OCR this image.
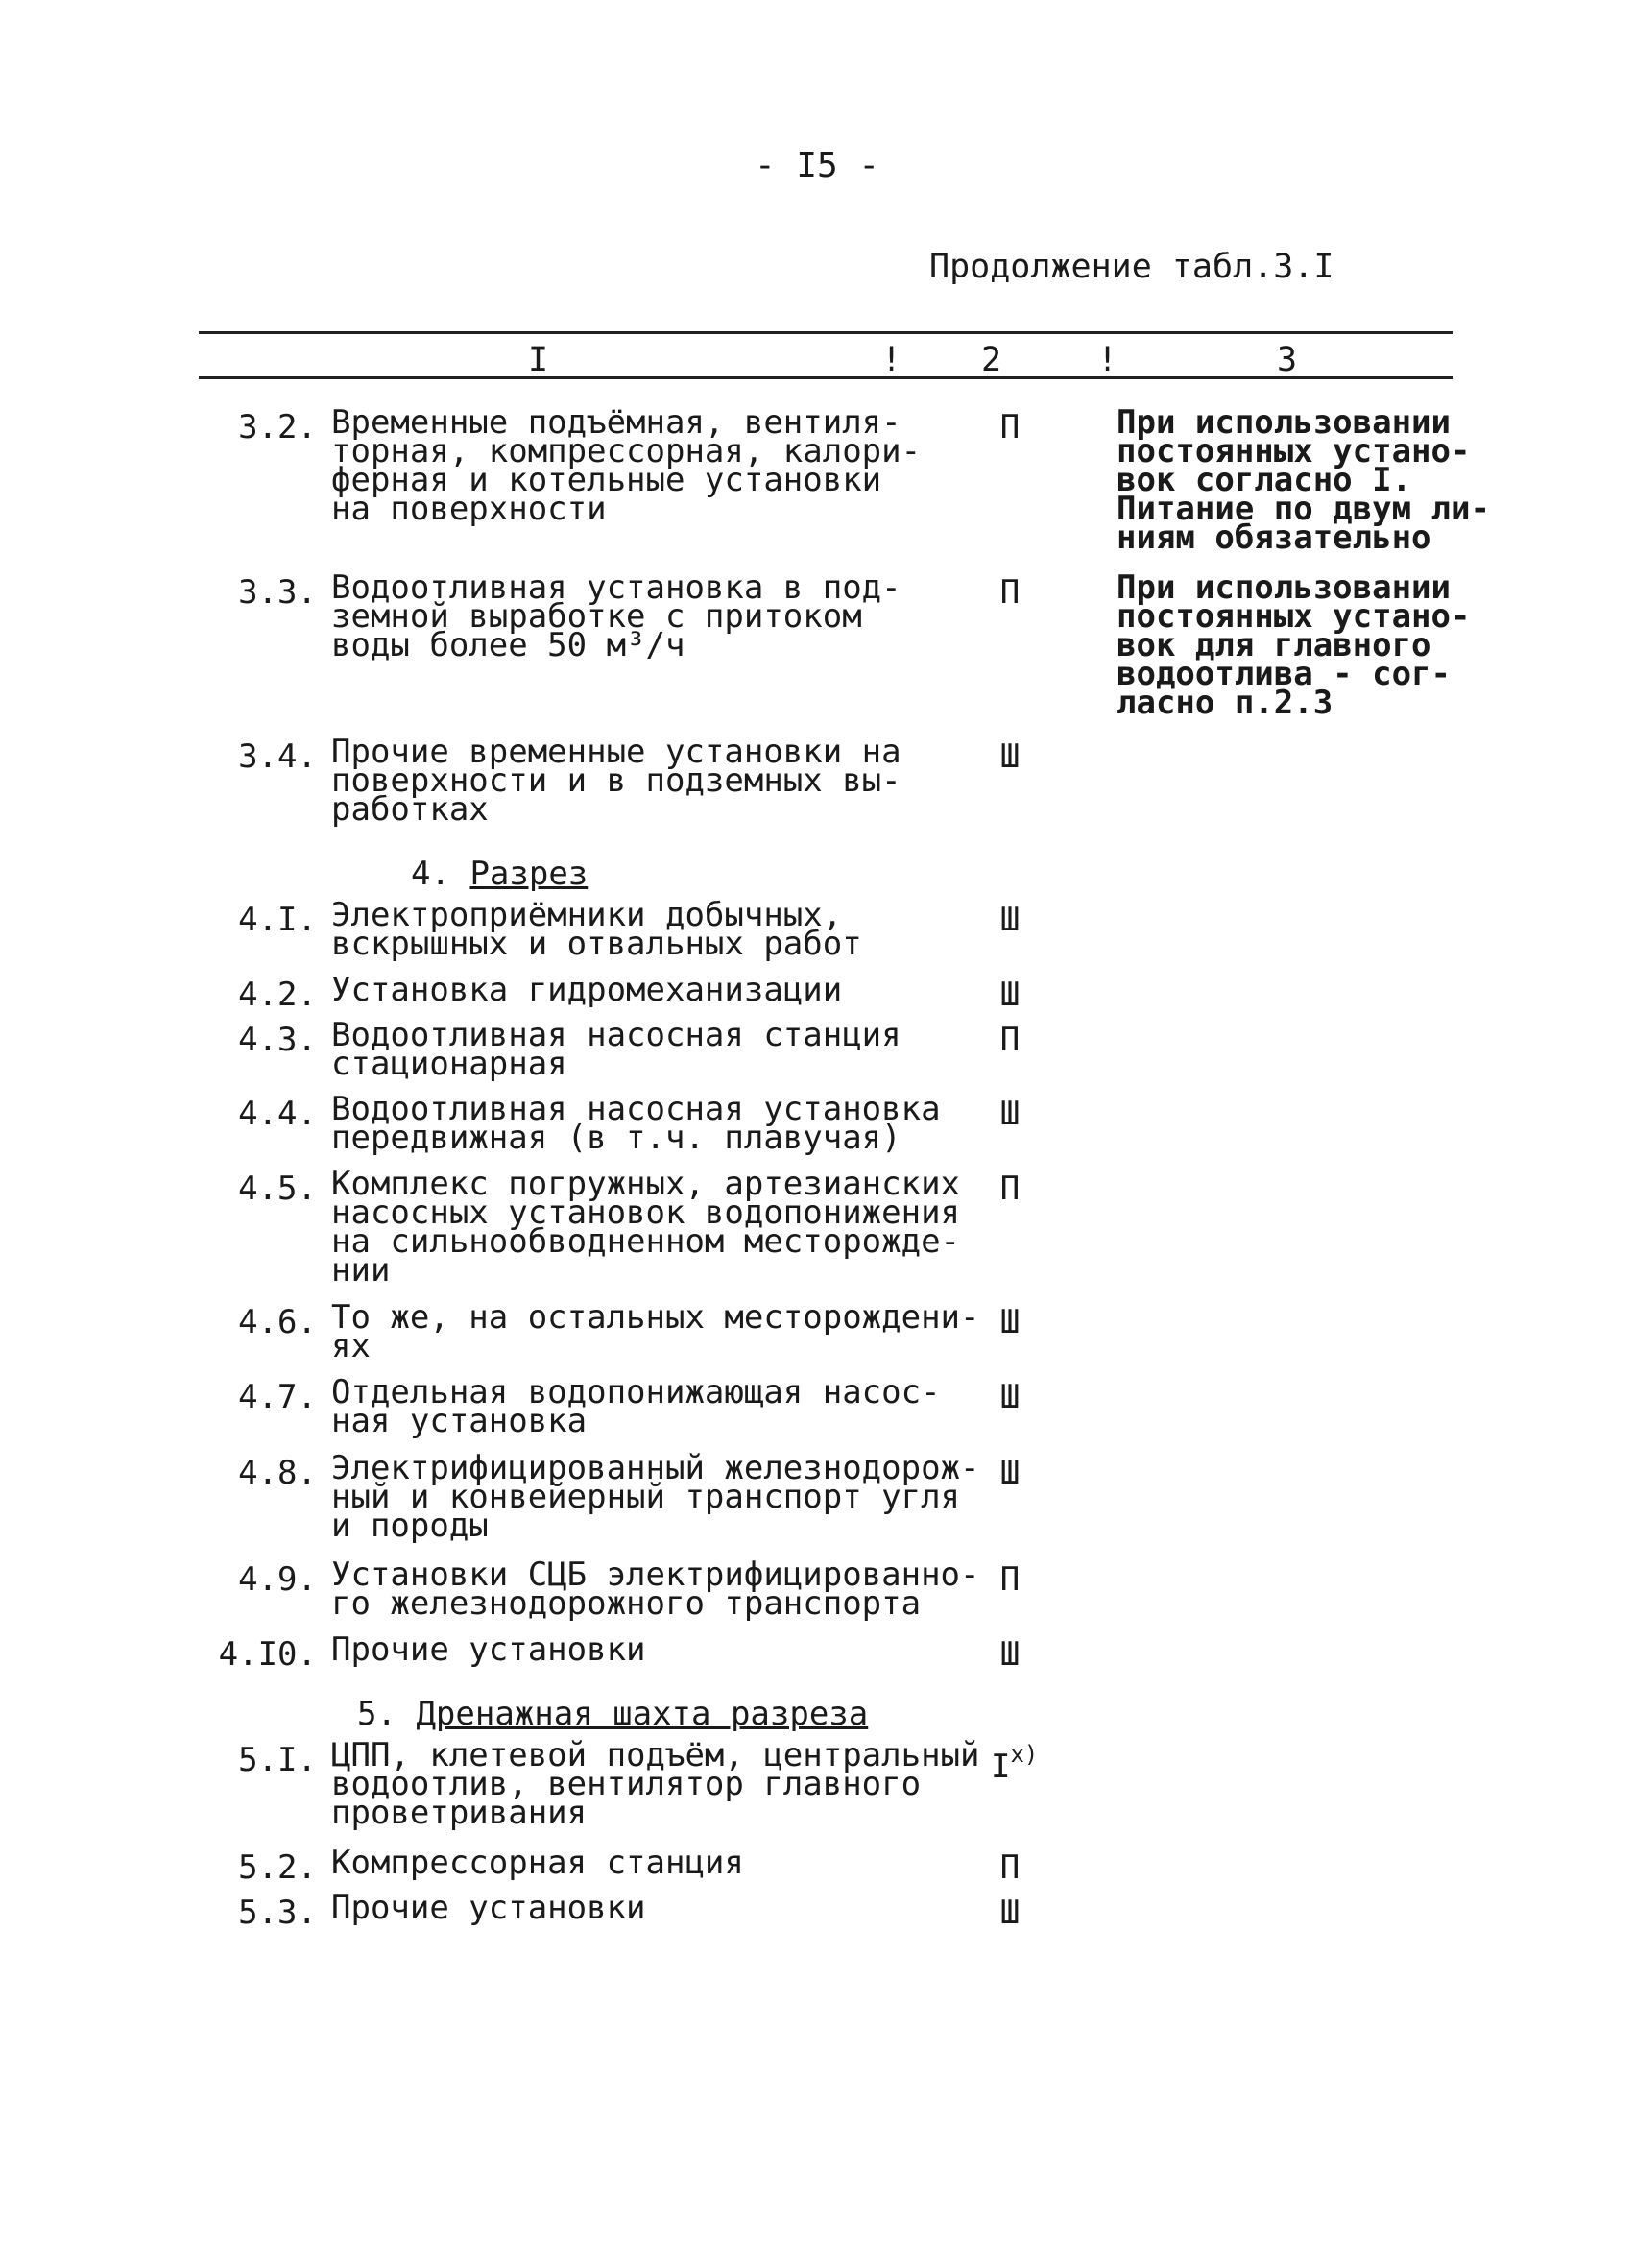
- I5 -
Продолжение табл.3.I
I	! 2	!	3
3.2. Временные подъёмная, вентиля-
торная, компрессорная, калори-
ферная и котельные установки
на поверхности
П	При использовании
постоянных устано-
вок согласно I.
Питание по двум ли-
ниям обязательно
3.3. Водоотливная установка в под-
земной выработке с притоком
воды более 50 м³/ч
П	При использовании
постоянных устано-
вок для главного
водоотлива - сог-
ласно п.2.3
3.4. Прочие временные установки на
поверхности и в подземных вы-
работках
Ш
4. Разрез
4.I. Электроприёмники добычных,
вскрышных и отвальных работ
Ш
4.2. Установка гидромеханизации	Ш
4.3. Водоотливная насосная станция
стационарная
П
4.4. Водоотливная насосная установка
передвижная (в т.ч. плавучая)
Ш
4.5. Комплекс погружных, артезианских
насосных установок водопонижения
на сильнообводненном месторожде-
нии
П
4.6. То же, на остальных месторождени-
ях
Ш
4.7. Отдельная водопонижающая насос-
ная установка
Ш
4.8. Электрифицированный железнодорож-
ный и конвейерный транспорт угля
и породы
Ш
4.9. Установки СЦБ электрифицированно-
го железнодорожного транспорта
П
4.I0. Прочие установки	Ш
5. Дренажная шахта разреза
5.I. ЦПП, клетевой подъём, центральный
водоотлив, вентилятор главного
проветривания
$I^{x)}$
5.2. Компрессорная станция	П
5.3. Прочие установки	Ш
